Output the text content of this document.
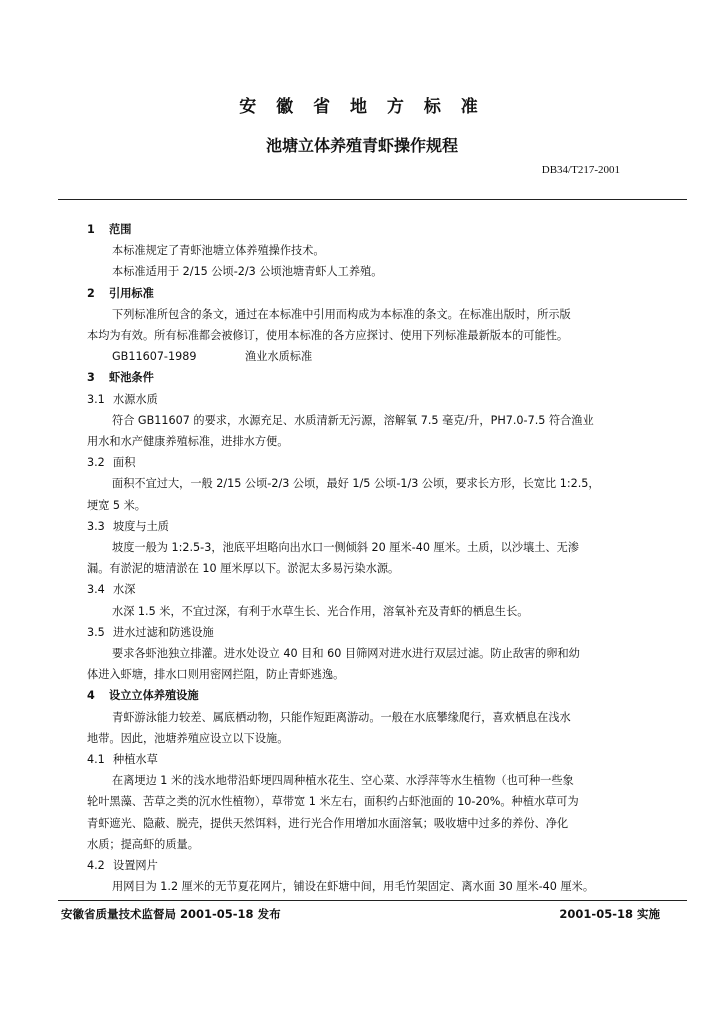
安 徽 省 地 方 标 准
池塘立体养殖青虾操作规程
DB34/T217-2001
1 范围
本标准规定了青虾池塘立体养殖操作技术。
本标准适用于 2/15 公顷-2/3 公顷池塘青虾人工养殖。
2 引用标准
下列标准所包含的条文，通过在本标准中引用而构成为本标准的条文。在标准出版时，所示版
本均为有效。所有标准都会被修订，使用本标准的各方应探讨、使用下列标准最新版本的可能性。
GB11607-1989	渔业水质标准
3 虾池条件
3.1 水源水质
符合 GB11607 的要求，水源充足、水质清新无污源，溶解氧 7.5 毫克/升，PH7.0-7.5 符合渔业
用水和水产健康养殖标准，进排水方便。
3.2 面积
面积不宜过大，一般 2/15 公顷-2/3 公顷，最好 1/5 公顷-1/3 公顷，要求长方形，长宽比 1:2.5，
埂宽 5 米。
3.3 坡度与土质
坡度一般为 1:2.5-3，池底平坦略向出水口一侧倾斜 20 厘米-40 厘米。土质，以沙壤土、无渗
漏。有淤泥的塘清淤在 10 厘米厚以下。淤泥太多易污染水源。
3.4 水深
水深 1.5 米，不宜过深，有利于水草生长、光合作用，溶氧补充及青虾的栖息生长。
3.5 进水过滤和防逃设施
要求各虾池独立排灌。进水处设立 40 目和 60 目筛网对进水进行双层过滤。防止敌害的卵和幼
体进入虾塘，排水口则用密网拦阻，防止青虾逃逸。
4 设立立体养殖设施
青虾游泳能力较差、属底栖动物，只能作短距离游动。一般在水底攀缘爬行，喜欢栖息在浅水
地带。因此，池塘养殖应设立以下设施。
4.1 种植水草
在离埂边 1 米的浅水地带沿虾埂四周种植水花生、空心菜、水浮萍等水生植物（也可种一些象
轮叶黑藻、苦草之类的沉水性植物），草带宽 1 米左右，面积约占虾池面的 10-20%。种植水草可为
青虾遮光、隐蔽、脱壳，提供天然饵料，进行光合作用增加水面溶氧；吸收塘中过多的养份、净化
水质；提高虾的质量。
4.2 设置网片
用网目为 1.2 厘米的无节夏花网片，铺设在虾塘中间，用毛竹架固定、离水面 30 厘米-40 厘米。
安徽省质量技术监督局 2001-05-18 发布	2001-05-18 实施
